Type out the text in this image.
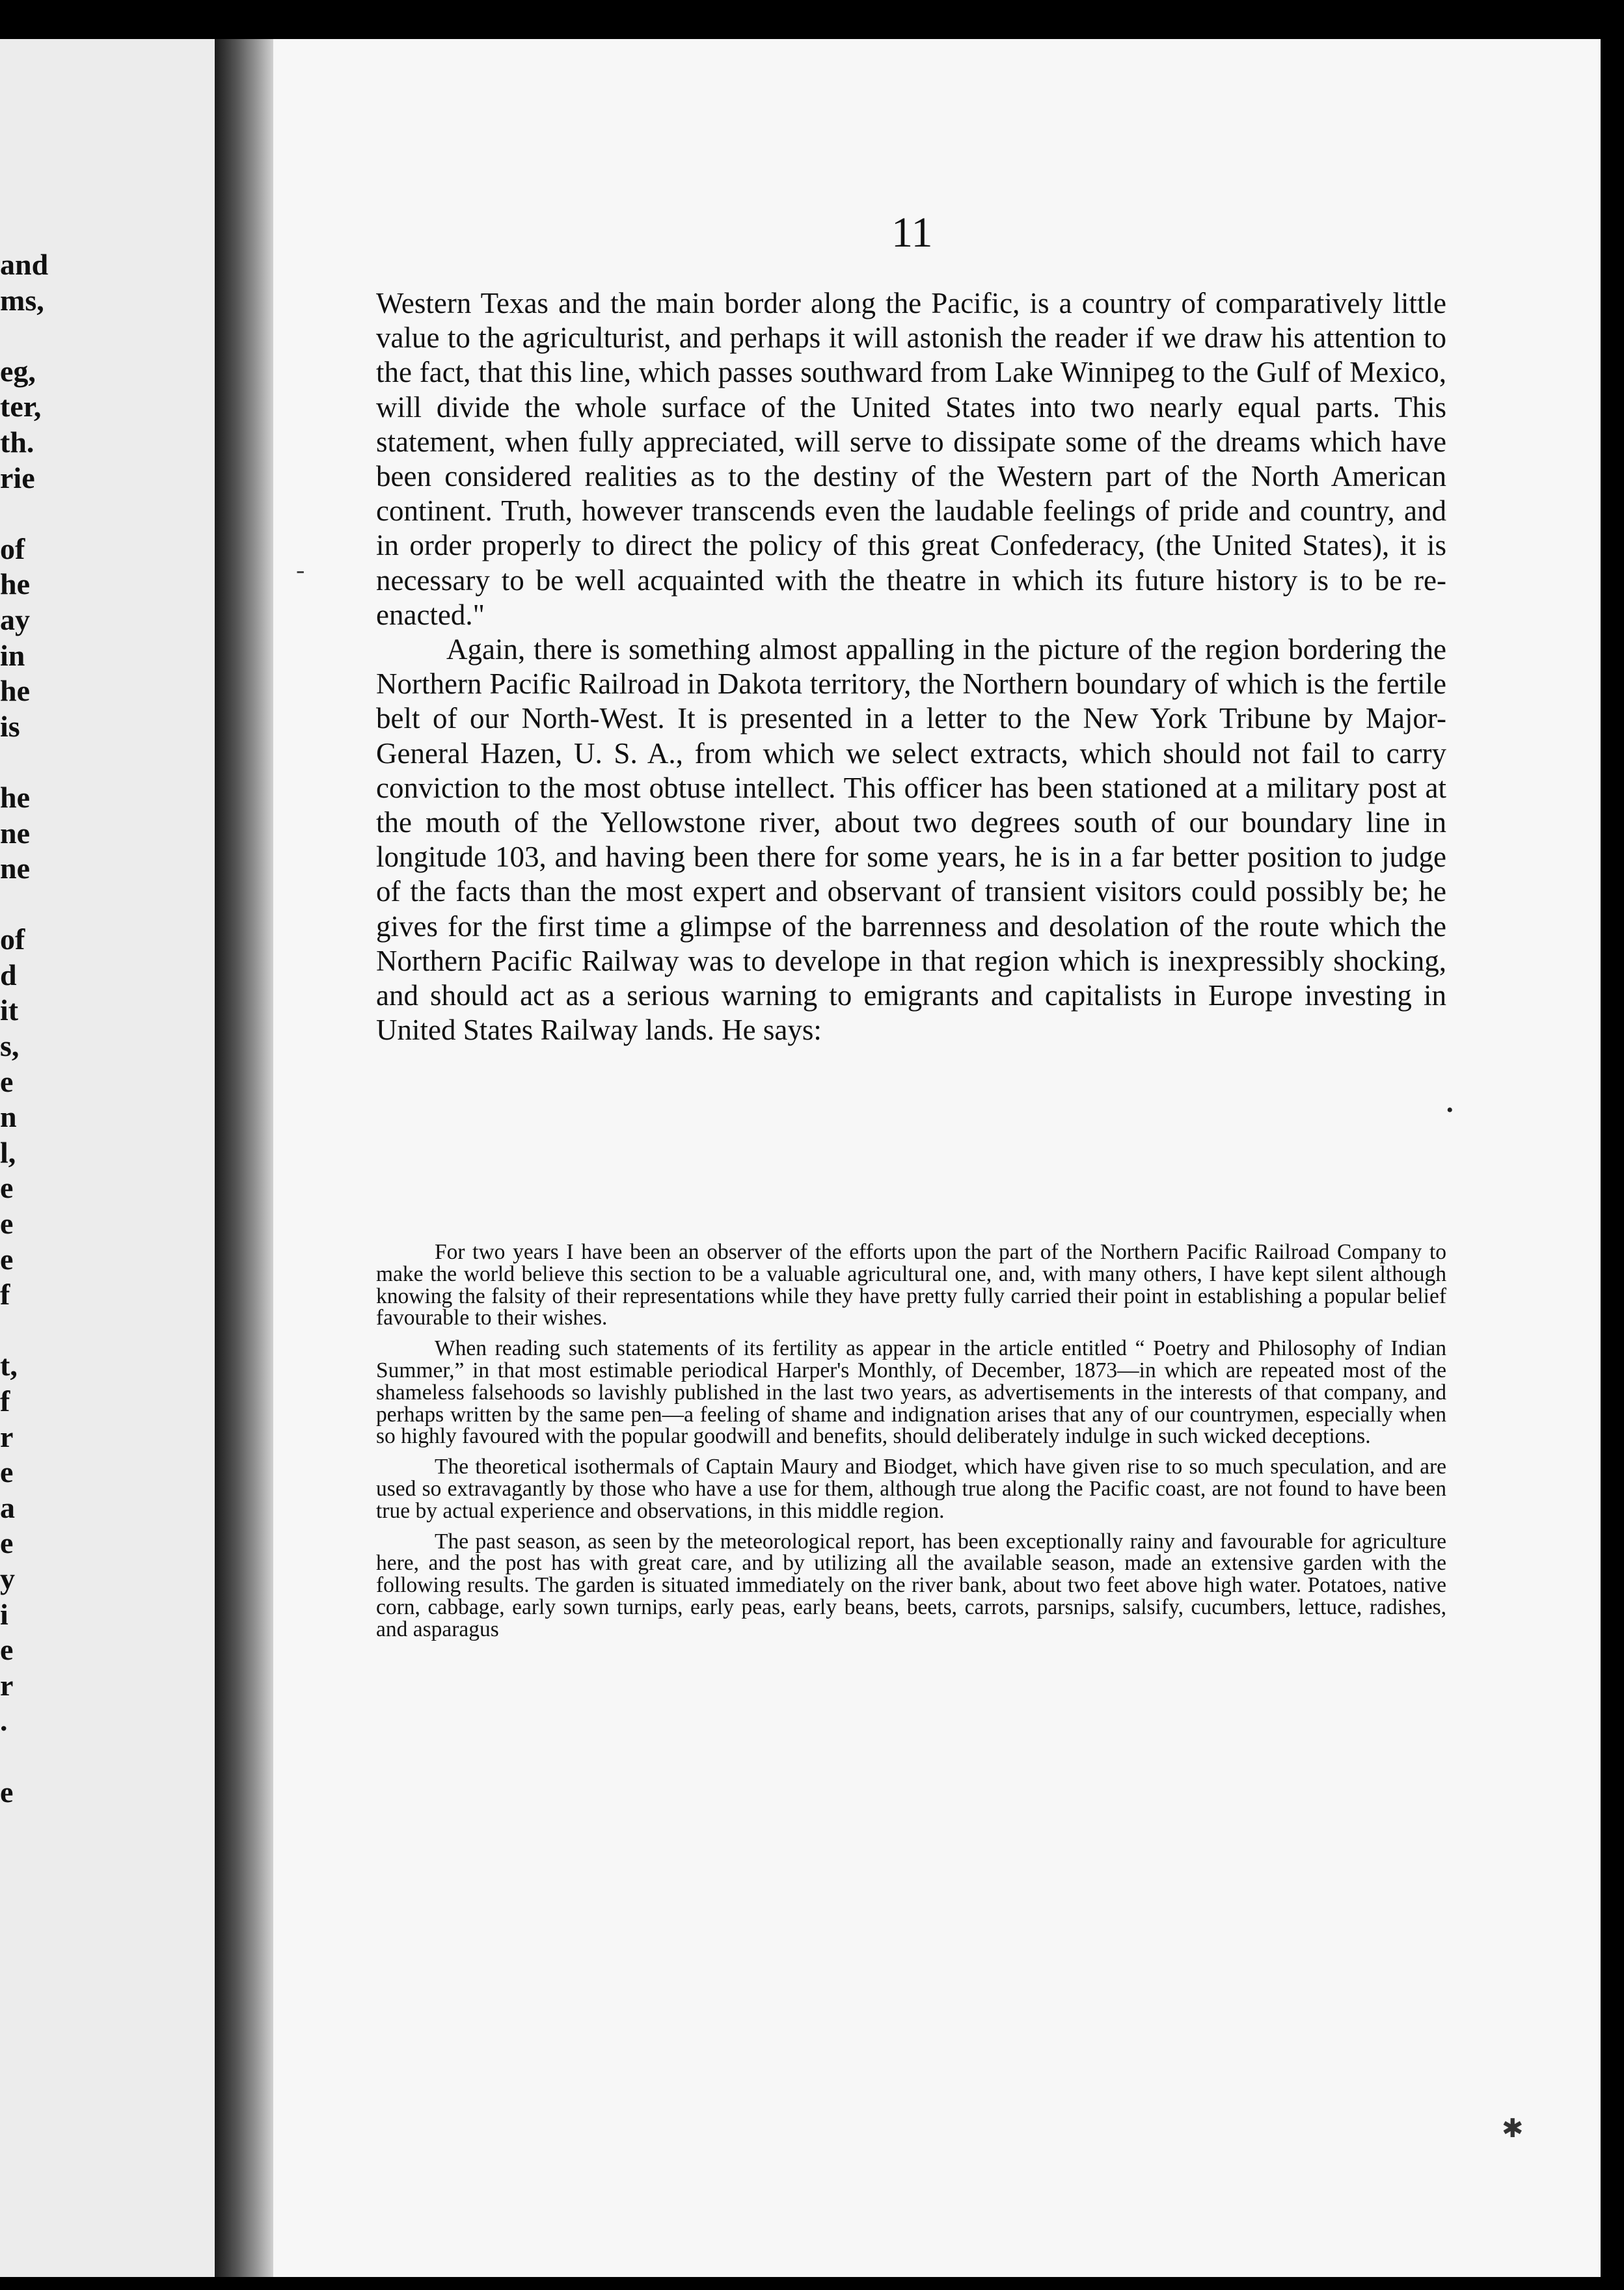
and
ms,
eg,
ter,
th.
rie
of
he
ay
in
he
is
he
ne
ne
of
d
it
s,
e
n
l,
e
e
e
f
t,
f
r
e
a
e
y
i
e
r
.
e
11

Western Texas and the main border along the Pacific, is a country of comparatively little value to the agriculturist, and perhaps it will astonish the reader if we draw his attention to the fact, that this line, which passes southward from Lake Winnipeg to the Gulf of Mexico, will divide the whole surface of the United States into two nearly equal parts. This statement, when fully appreciated, will serve to dissipate some of the dreams which have been considered realities as to the destiny of the Western part of the North American continent. Truth, however transcends even the laudable feelings of pride and country, and in order properly to direct the policy of this great Confederacy, (the United States), it is necessary to be well acquainted with the theatre in which its future history is to be re-enacted."

Again, there is something almost appalling in the picture of the region bordering the Northern Pacific Railroad in Dakota territory, the Northern boundary of which is the fertile belt of our North-West. It is presented in a letter to the New York Tribune by Major-General Hazen, U. S. A., from which we select extracts, which should not fail to carry conviction to the most obtuse intellect. This officer has been stationed at a military post at the mouth of the Yellowstone river, about two degrees south of our boundary line in longitude 103, and having been there for some years, he is in a far better position to judge of the facts than the most expert and observant of transient visitors could possibly be; he gives for the first time a glimpse of the barrenness and desolation of the route which the Northern Pacific Railway was to develope in that region which is inexpressibly shocking, and should act as a serious warning to emigrants and capitalists in Europe investing in United States Railway lands. He says:

For two years I have been an observer of the efforts upon the part of the Northern Pacific Railroad Company to make the world believe this section to be a valuable agricultural one, and, with many others, I have kept silent although knowing the falsity of their representations while they have pretty fully carried their point in establishing a popular belief favourable to their wishes.

When reading such statements of its fertility as appear in the article entitled “ Poetry and Philosophy of Indian Summer,” in that most estimable periodical Harper's Monthly, of December, 1873—in which are repeated most of the shameless falsehoods so lavishly published in the last two years, as advertisements in the interests of that company, and perhaps written by the same pen—a feeling of shame and indignation arises that any of our countrymen, especially when so highly favoured with the popular goodwill and benefits, should deliberately indulge in such wicked deceptions.

The theoretical isothermals of Captain Maury and Biodget, which have given rise to so much speculation, and are used so extravagantly by those who have a use for them, although true along the Pacific coast, are not found to have been true by actual experience and observations, in this middle region.

The past season, as seen by the meteorological report, has been exceptionally rainy and favourable for agriculture here, and the post has with great care, and by utilizing all the available season, made an extensive garden with the following results. The garden is situated immediately on the river bank, about two feet above high water. Potatoes, native corn, cabbage, early sown turnips, early peas, early beans, beets, carrots, parsnips, salsify, cucumbers, lettuce, radishes, and asparagus

•
-
✱
